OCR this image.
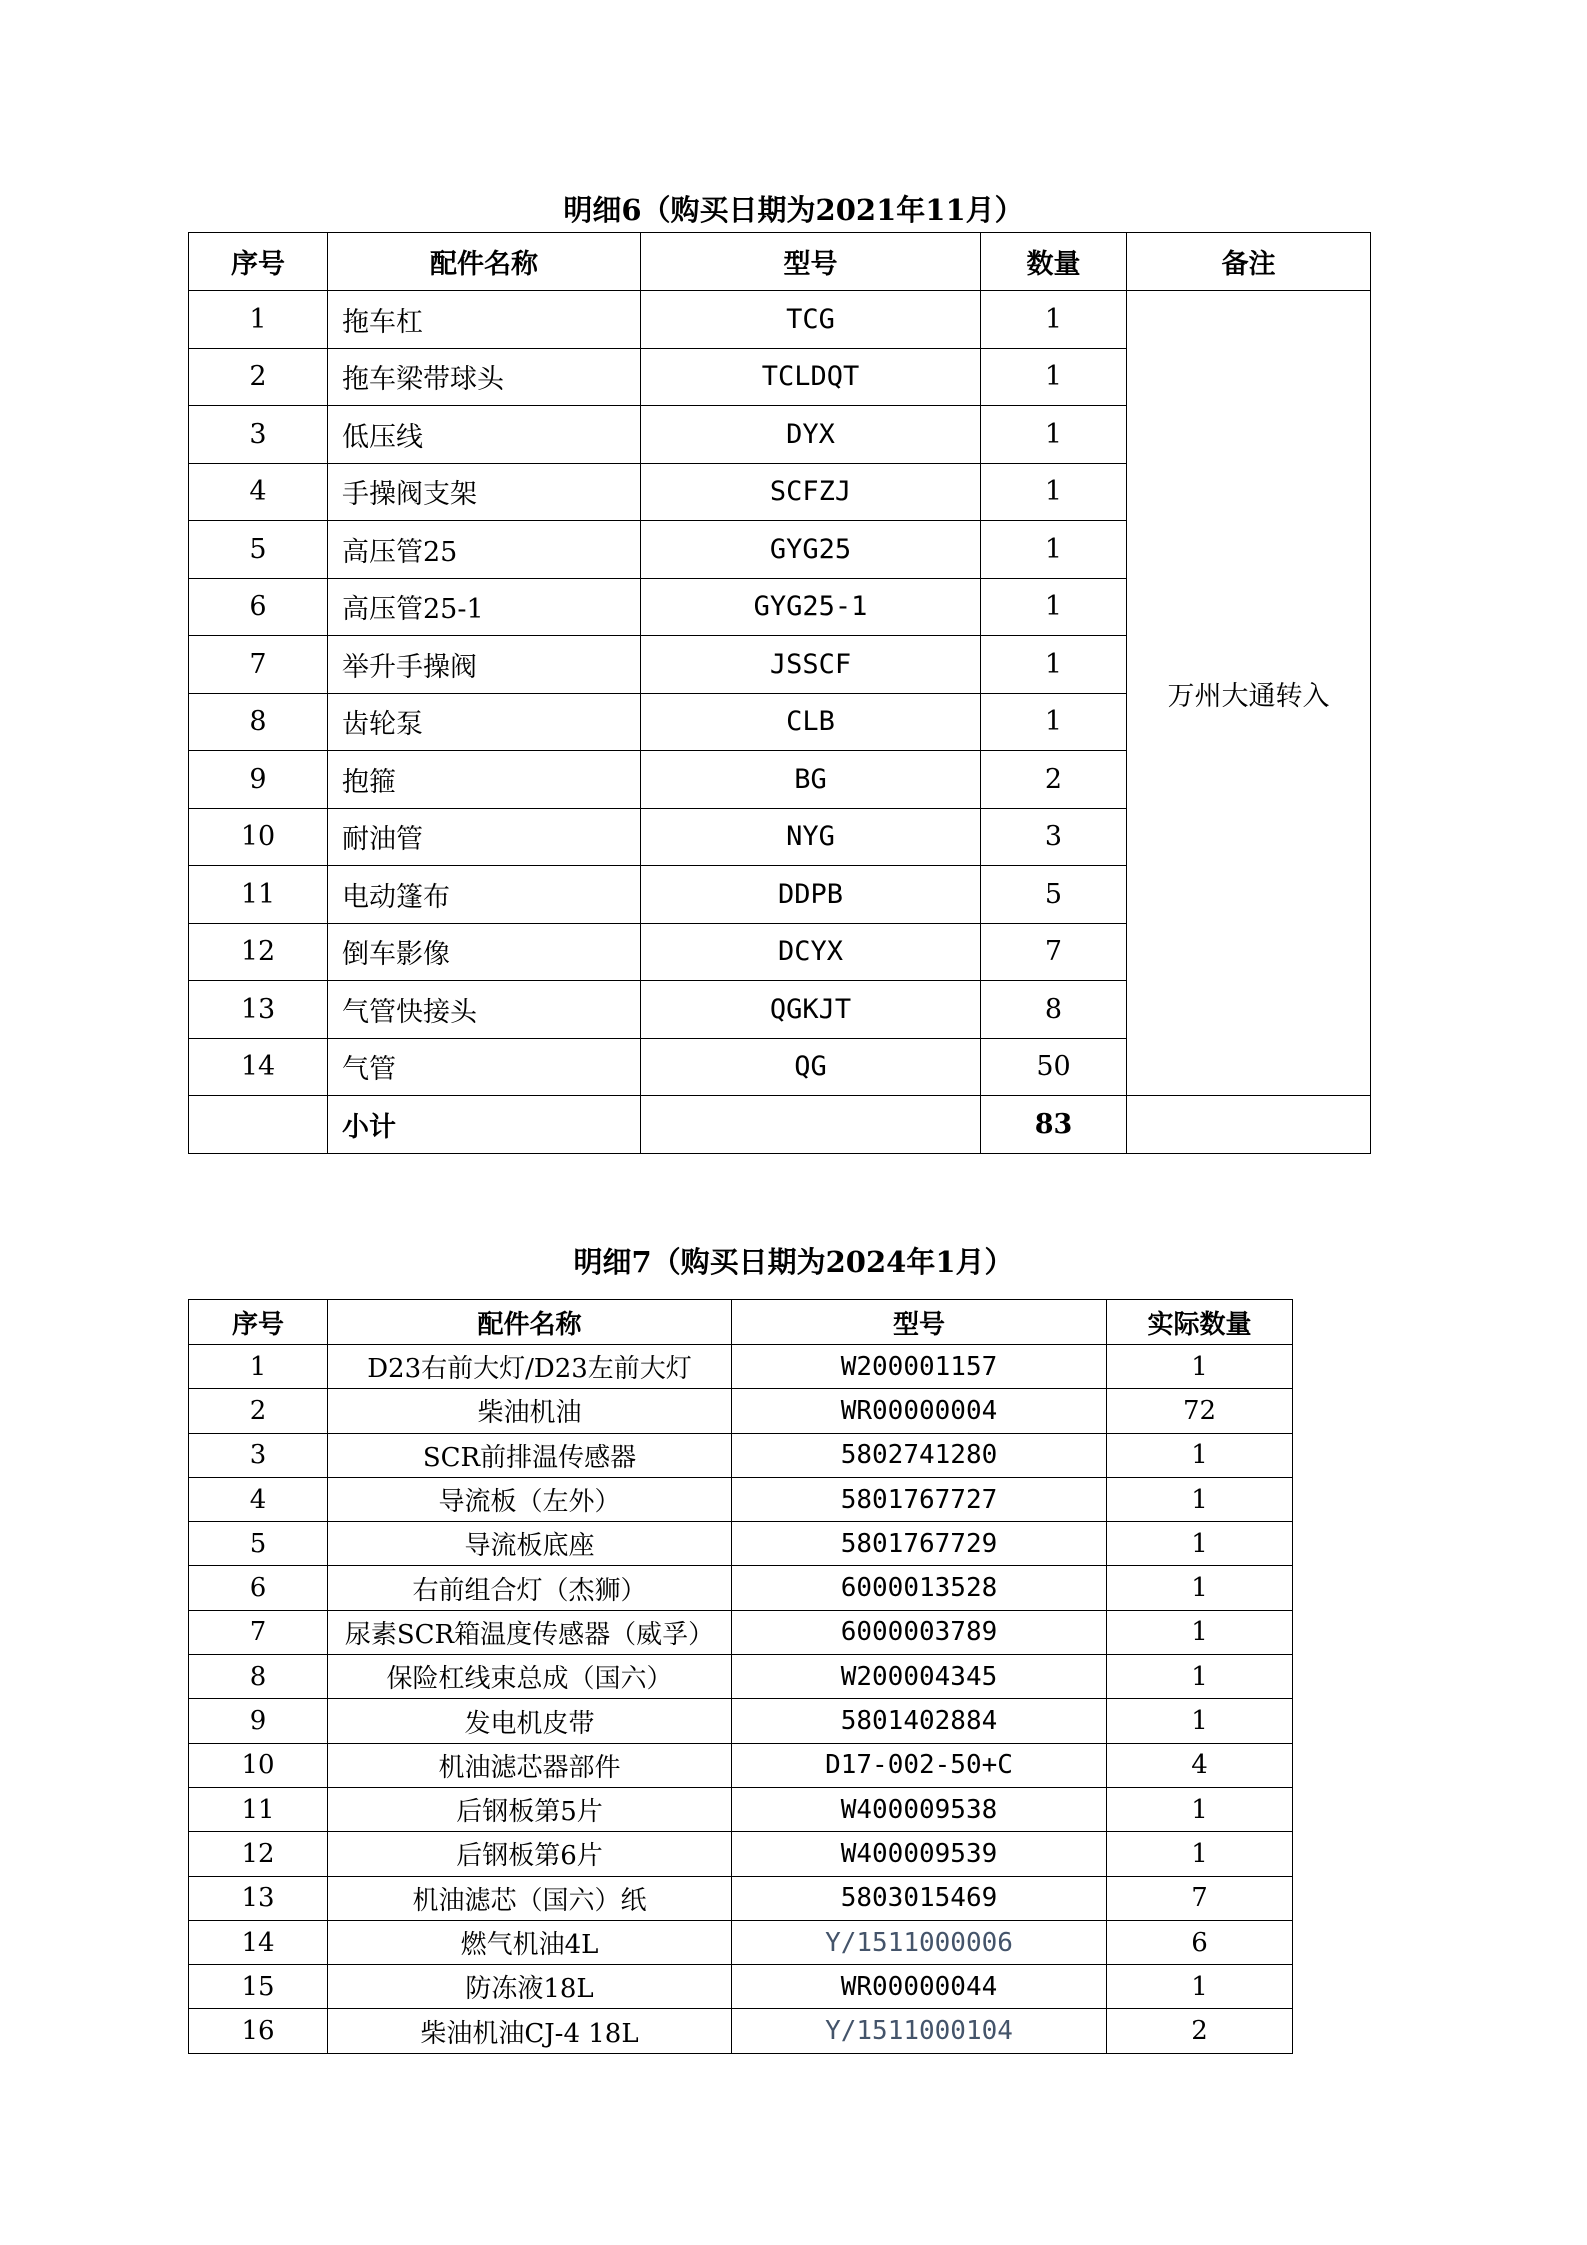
明细6（购买日期为2021年11月）
序号	配件名称	型号	数量	备注
1	拖车杠	TCG	1	万州大通转入
2	拖车梁带球头	TCLDQT	1	
3	低压线	DYX	1	
4	手操阀支架	SCFZJ	1	
5	高压管25	GYG25	1	
6	高压管25-1	GYG25-1	1	
7	举升手操阀	JSSCF	1	
8	齿轮泵	CLB	1	
9	抱箍	BG	2	
10	耐油管	NYG	3	
11	电动篷布	DDPB	5	
12	倒车影像	DCYX	7	
13	气管快接头	QGKJT	8	
14	气管	QG	50	
	小计		83	
明细7（购买日期为2024年1月）
序号	配件名称	型号	实际数量
1	D23右前大灯/D23左前大灯	W200001157	1
2	柴油机油	WR00000004	72
3	SCR前排温传感器	5802741280	1
4	导流板（左外）	5801767727	1
5	导流板底座	5801767729	1
6	右前组合灯（杰狮）	6000013528	1
7	尿素SCR箱温度传感器（威孚）	6000003789	1
8	保险杠线束总成（国六）	W200004345	1
9	发电机皮带	5801402884	1
10	机油滤芯器部件	D17-002-50+C	4
11	后钢板第5片	W400009538	1
12	后钢板第6片	W400009539	1
13	机油滤芯（国六）纸	5803015469	7
14	燃气机油4L	Y/1511000006	6
15	防冻液18L	WR00000044	1
16	柴油机油CJ-4 18L	Y/1511000104	2
